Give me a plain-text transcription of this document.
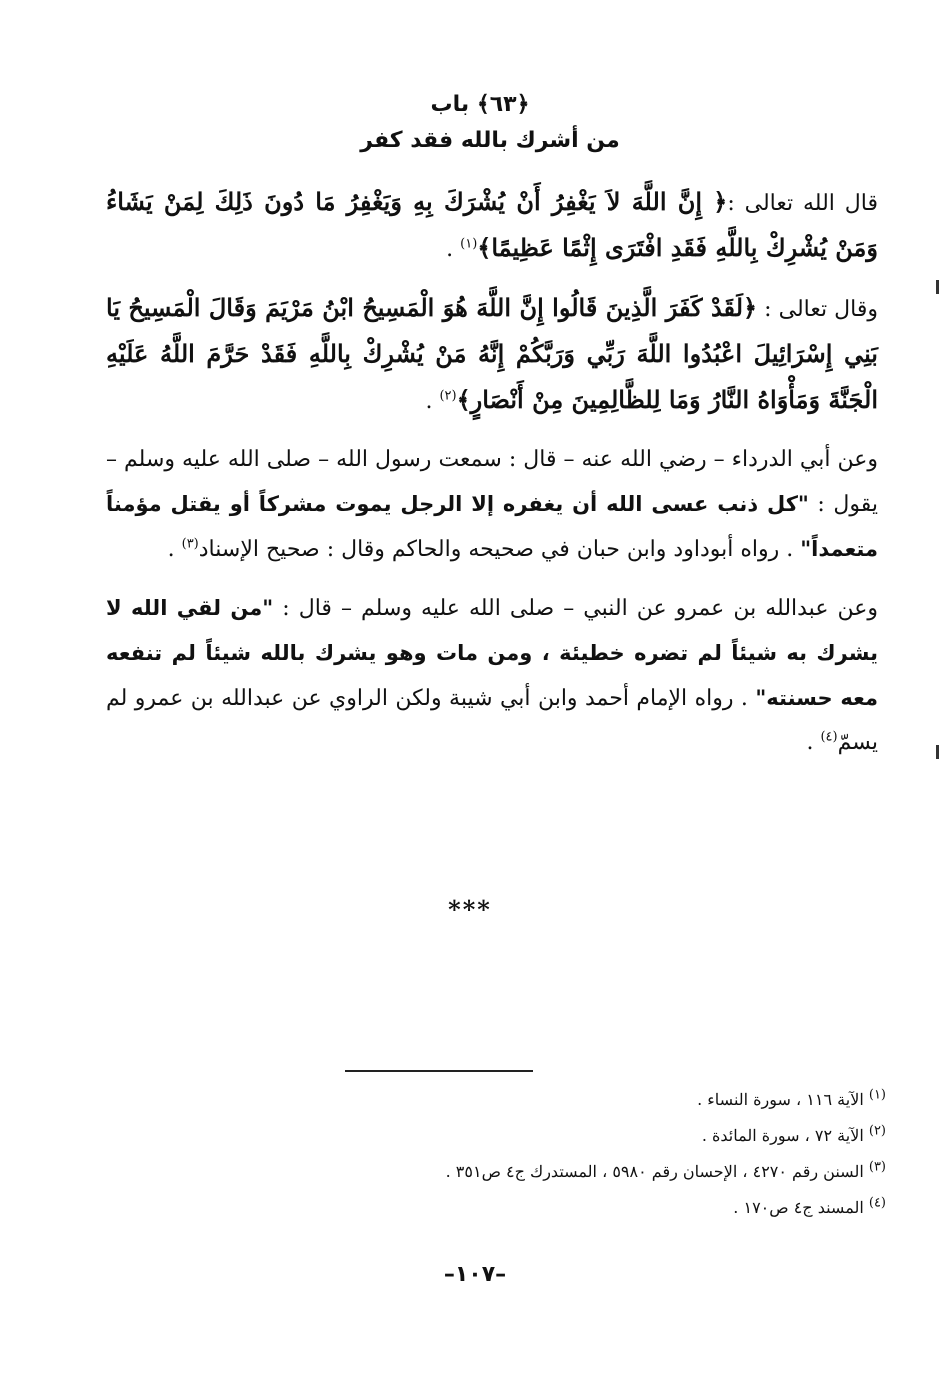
﴿٦٣﴾ باب
من أشرك بالله فقد كفر

قال الله تعالى :﴿ إِنَّ اللَّهَ لاَ يَغْفِرُ أَنْ يُشْرَكَ بِهِ وَيَغْفِرُ مَا دُونَ ذَلِكَ لِمَنْ يَشَاءُ وَمَنْ يُشْرِكْ بِاللَّهِ فَقَدِ افْتَرَى إِثْمًا عَظِيمًا﴾$^{(١)}$ .

وقال تعالى : ﴿لَقَدْ كَفَرَ الَّذِينَ قَالُوا إِنَّ اللَّهَ هُوَ الْمَسِيحُ ابْنُ مَرْيَمَ وَقَالَ الْمَسِيحُ يَا بَنِي إِسْرَائِيلَ اعْبُدُوا اللَّهَ رَبِّي وَرَبَّكُمْ إِنَّهُ مَنْ يُشْرِكْ بِاللَّهِ فَقَدْ حَرَّمَ اللَّهُ عَلَيْهِ الْجَنَّةَ وَمَأْوَاهُ النَّارُ وَمَا لِلظَّالِمِينَ مِنْ أَنْصَارٍ﴾$^{(٢)}$ .

وعن أبي الدرداء – رضي الله عنه – قال : سمعت رسول الله – صلى الله عليه وسلم – يقول : "كل ذنب عسى الله أن يغفره إلا الرجل يموت مشركاً أو يقتل مؤمناً متعمداً" . رواه أبوداود وابن حبان في صحيحه والحاكم وقال : صحيح الإسناد$^{(٣)}$ .

وعن عبدالله بن عمرو عن النبي – صلى الله عليه وسلم – قال : "من لقي الله لا يشرك به شيئاً لم تضره خطيئة ، ومن مات وهو يشرك بالله شيئاً لم تنفعه معه حسنته" . رواه الإمام أحمد وابن أبي شيبة ولكن الراوي عن عبدالله بن عمرو لم يسمّ$^{(٤)}$ .

***

$^{(١)}$ الآية ١١٦ ، سورة النساء .

$^{(٢)}$ الآية ٧٢ ، سورة المائدة .

$^{(٣)}$ السنن رقم ٤٢٧٠ ، الإحسان رقم ٥٩٨٠ ، المستدرك ج٤ ص٣٥١ .

$^{(٤)}$ المسند ج٤ ص١٧٠ .

–١٠٧–
